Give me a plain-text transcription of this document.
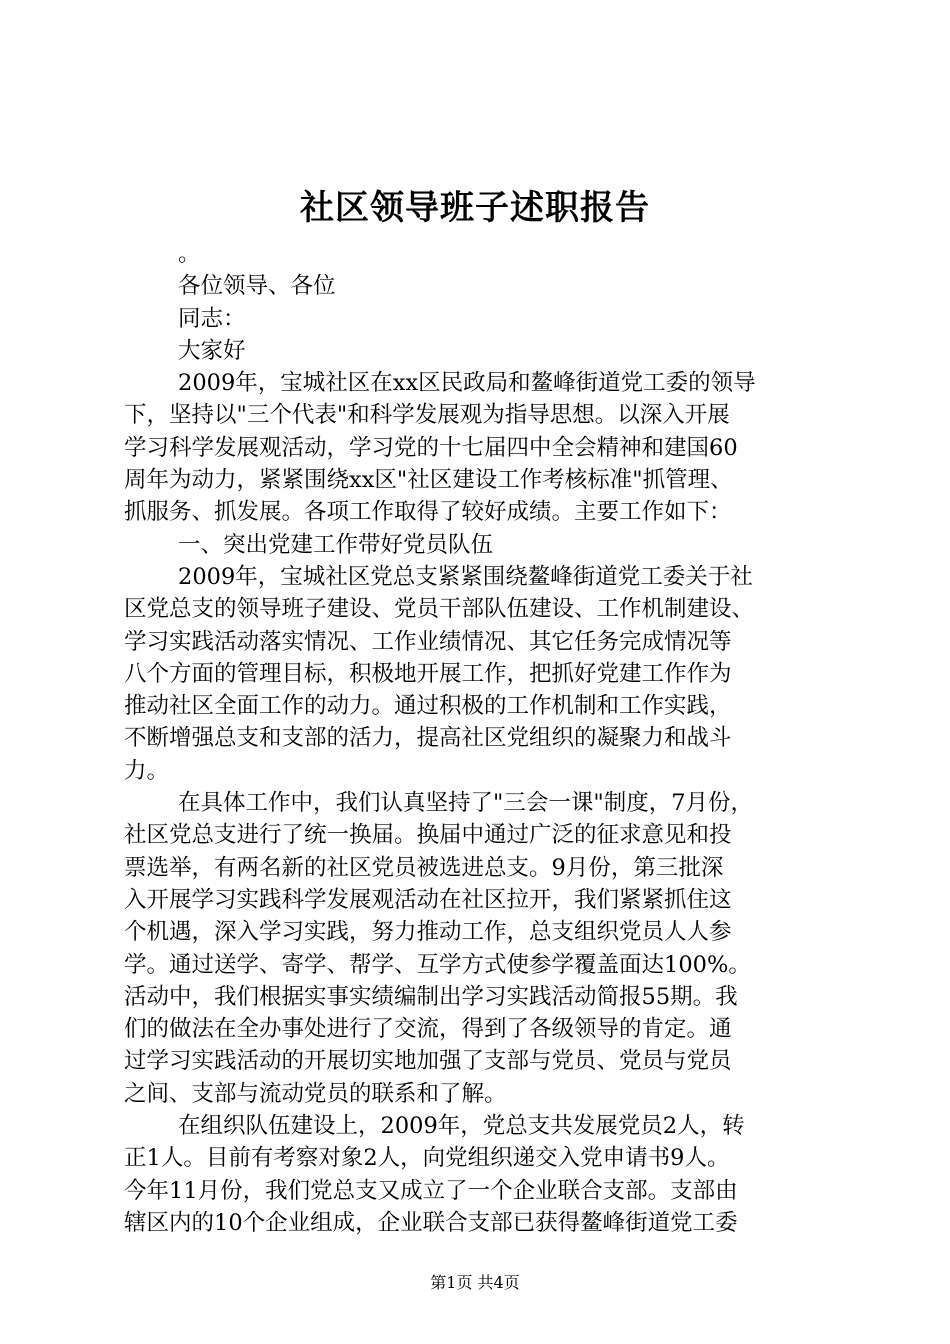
社区领导班子述职报告
。
各位领导、各位
同志：
大家好
2009年，宝城社区在xx区民政局和鳌峰街道党工委的领导
下，坚持以"三个代表"和科学发展观为指导思想。以深入开展
学习科学发展观活动，学习党的十七届四中全会精神和建国60
周年为动力，紧紧围绕xx区"社区建设工作考核标准"抓管理、
抓服务、抓发展。各项工作取得了较好成绩。主要工作如下：
一、突出党建工作带好党员队伍
2009年，宝城社区党总支紧紧围绕鳌峰街道党工委关于社
区党总支的领导班子建设、党员干部队伍建设、工作机制建设、
学习实践活动落实情况、工作业绩情况、其它任务完成情况等
八个方面的管理目标，积极地开展工作，把抓好党建工作作为
推动社区全面工作的动力。通过积极的工作机制和工作实践，
不断增强总支和支部的活力，提高社区党组织的凝聚力和战斗
力。
在具体工作中，我们认真坚持了"三会一课"制度，7月份，
社区党总支进行了统一换届。换届中通过广泛的征求意见和投
票选举，有两名新的社区党员被选进总支。9月份，第三批深
入开展学习实践科学发展观活动在社区拉开，我们紧紧抓住这
个机遇，深入学习实践，努力推动工作，总支组织党员人人参
学。通过送学、寄学、帮学、互学方式使参学覆盖面达100%。
活动中，我们根据实事实绩编制出学习实践活动简报55期。我
们的做法在全办事处进行了交流，得到了各级领导的肯定。通
过学习实践活动的开展切实地加强了支部与党员、党员与党员
之间、支部与流动党员的联系和了解。
在组织队伍建设上，2009年，党总支共发展党员2人，转
正1人。目前有考察对象2人，向党组织递交入党申请书9人。
今年11月份，我们党总支又成立了一个企业联合支部。支部由
辖区内的10个企业组成，企业联合支部已获得鳌峰街道党工委
第1页 共4页
